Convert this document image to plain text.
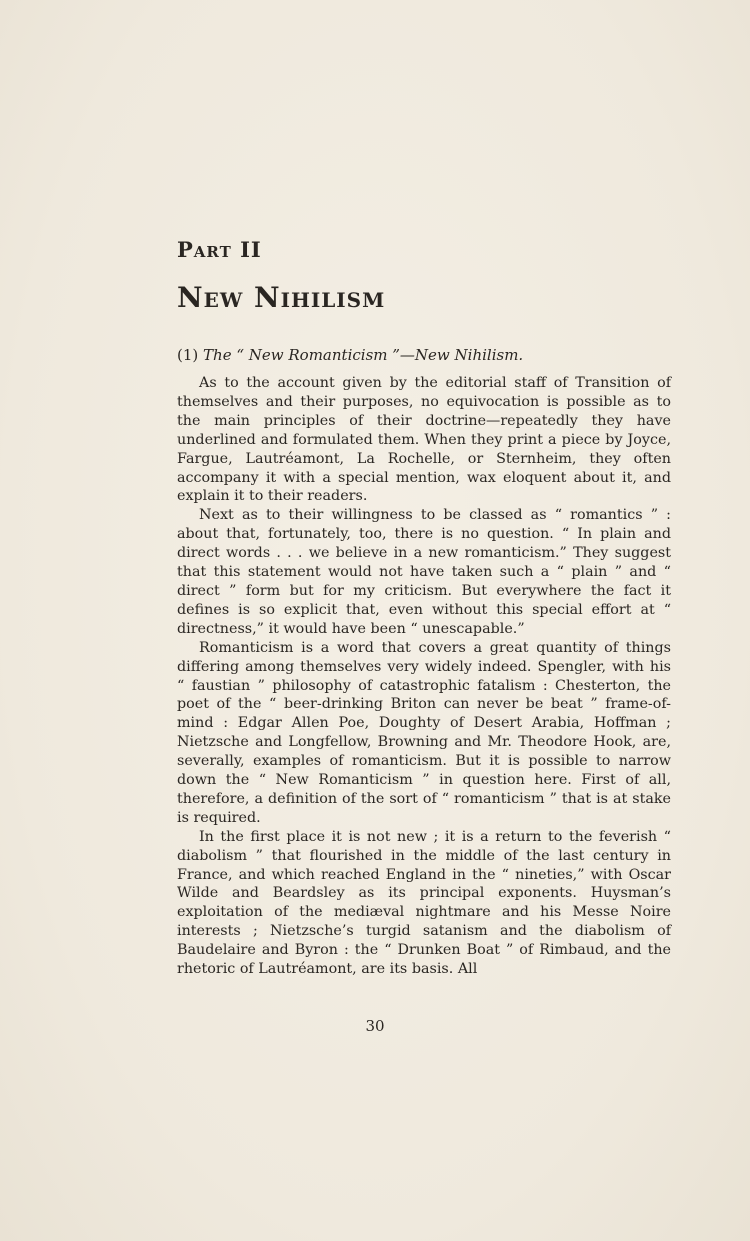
Part II
New Nihilism
(1) The “ New Romanticism ”—New Nihilism.

As to the account given by the editorial staff of Transition of themselves and their purposes, no equivocation is possible as to the main principles of their doctrine—repeatedly they have underlined and formulated them. When they print a piece by Joyce, Fargue, Lautréamont, La Rochelle, or Sternheim, they often accompany it with a special mention, wax eloquent about it, and explain it to their readers.

Next as to their willingness to be classed as “ romantics ” : about that, fortunately, too, there is no question. “ In plain and direct words . . . we believe in a new romanticism.” They suggest that this statement would not have taken such a “ plain ” and “ direct ” form but for my criticism. But everywhere the fact it defines is so explicit that, even without this special effort at “ directness,” it would have been “ unescapable.”

Romanticism is a word that covers a great quantity of things differing among themselves very widely indeed. Spengler, with his “ faustian ” philosophy of catastrophic fatalism : Chesterton, the poet of the “ beer-drinking Briton can never be beat ” frame-of-mind : Edgar Allen Poe, Doughty of Desert Arabia, Hoffman ; Nietzsche and Longfellow, Browning and Mr. Theodore Hook, are, severally, examples of romanticism. But it is possible to narrow down the “ New Romanticism ” in question here. First of all, therefore, a definition of the sort of “ romanticism ” that is at stake is required.

In the first place it is not new ; it is a return to the feverish “ diabolism ” that flourished in the middle of the last century in France, and which reached England in the “ nineties,” with Oscar Wilde and Beardsley as its principal exponents. Huysman’s exploitation of the mediæval nightmare and his Messe Noire interests ; Nietzsche’s turgid satanism and the diabolism of Baudelaire and Byron : the “ Drunken Boat ” of Rimbaud, and the rhetoric of Lautréamont, are its basis. All

30
